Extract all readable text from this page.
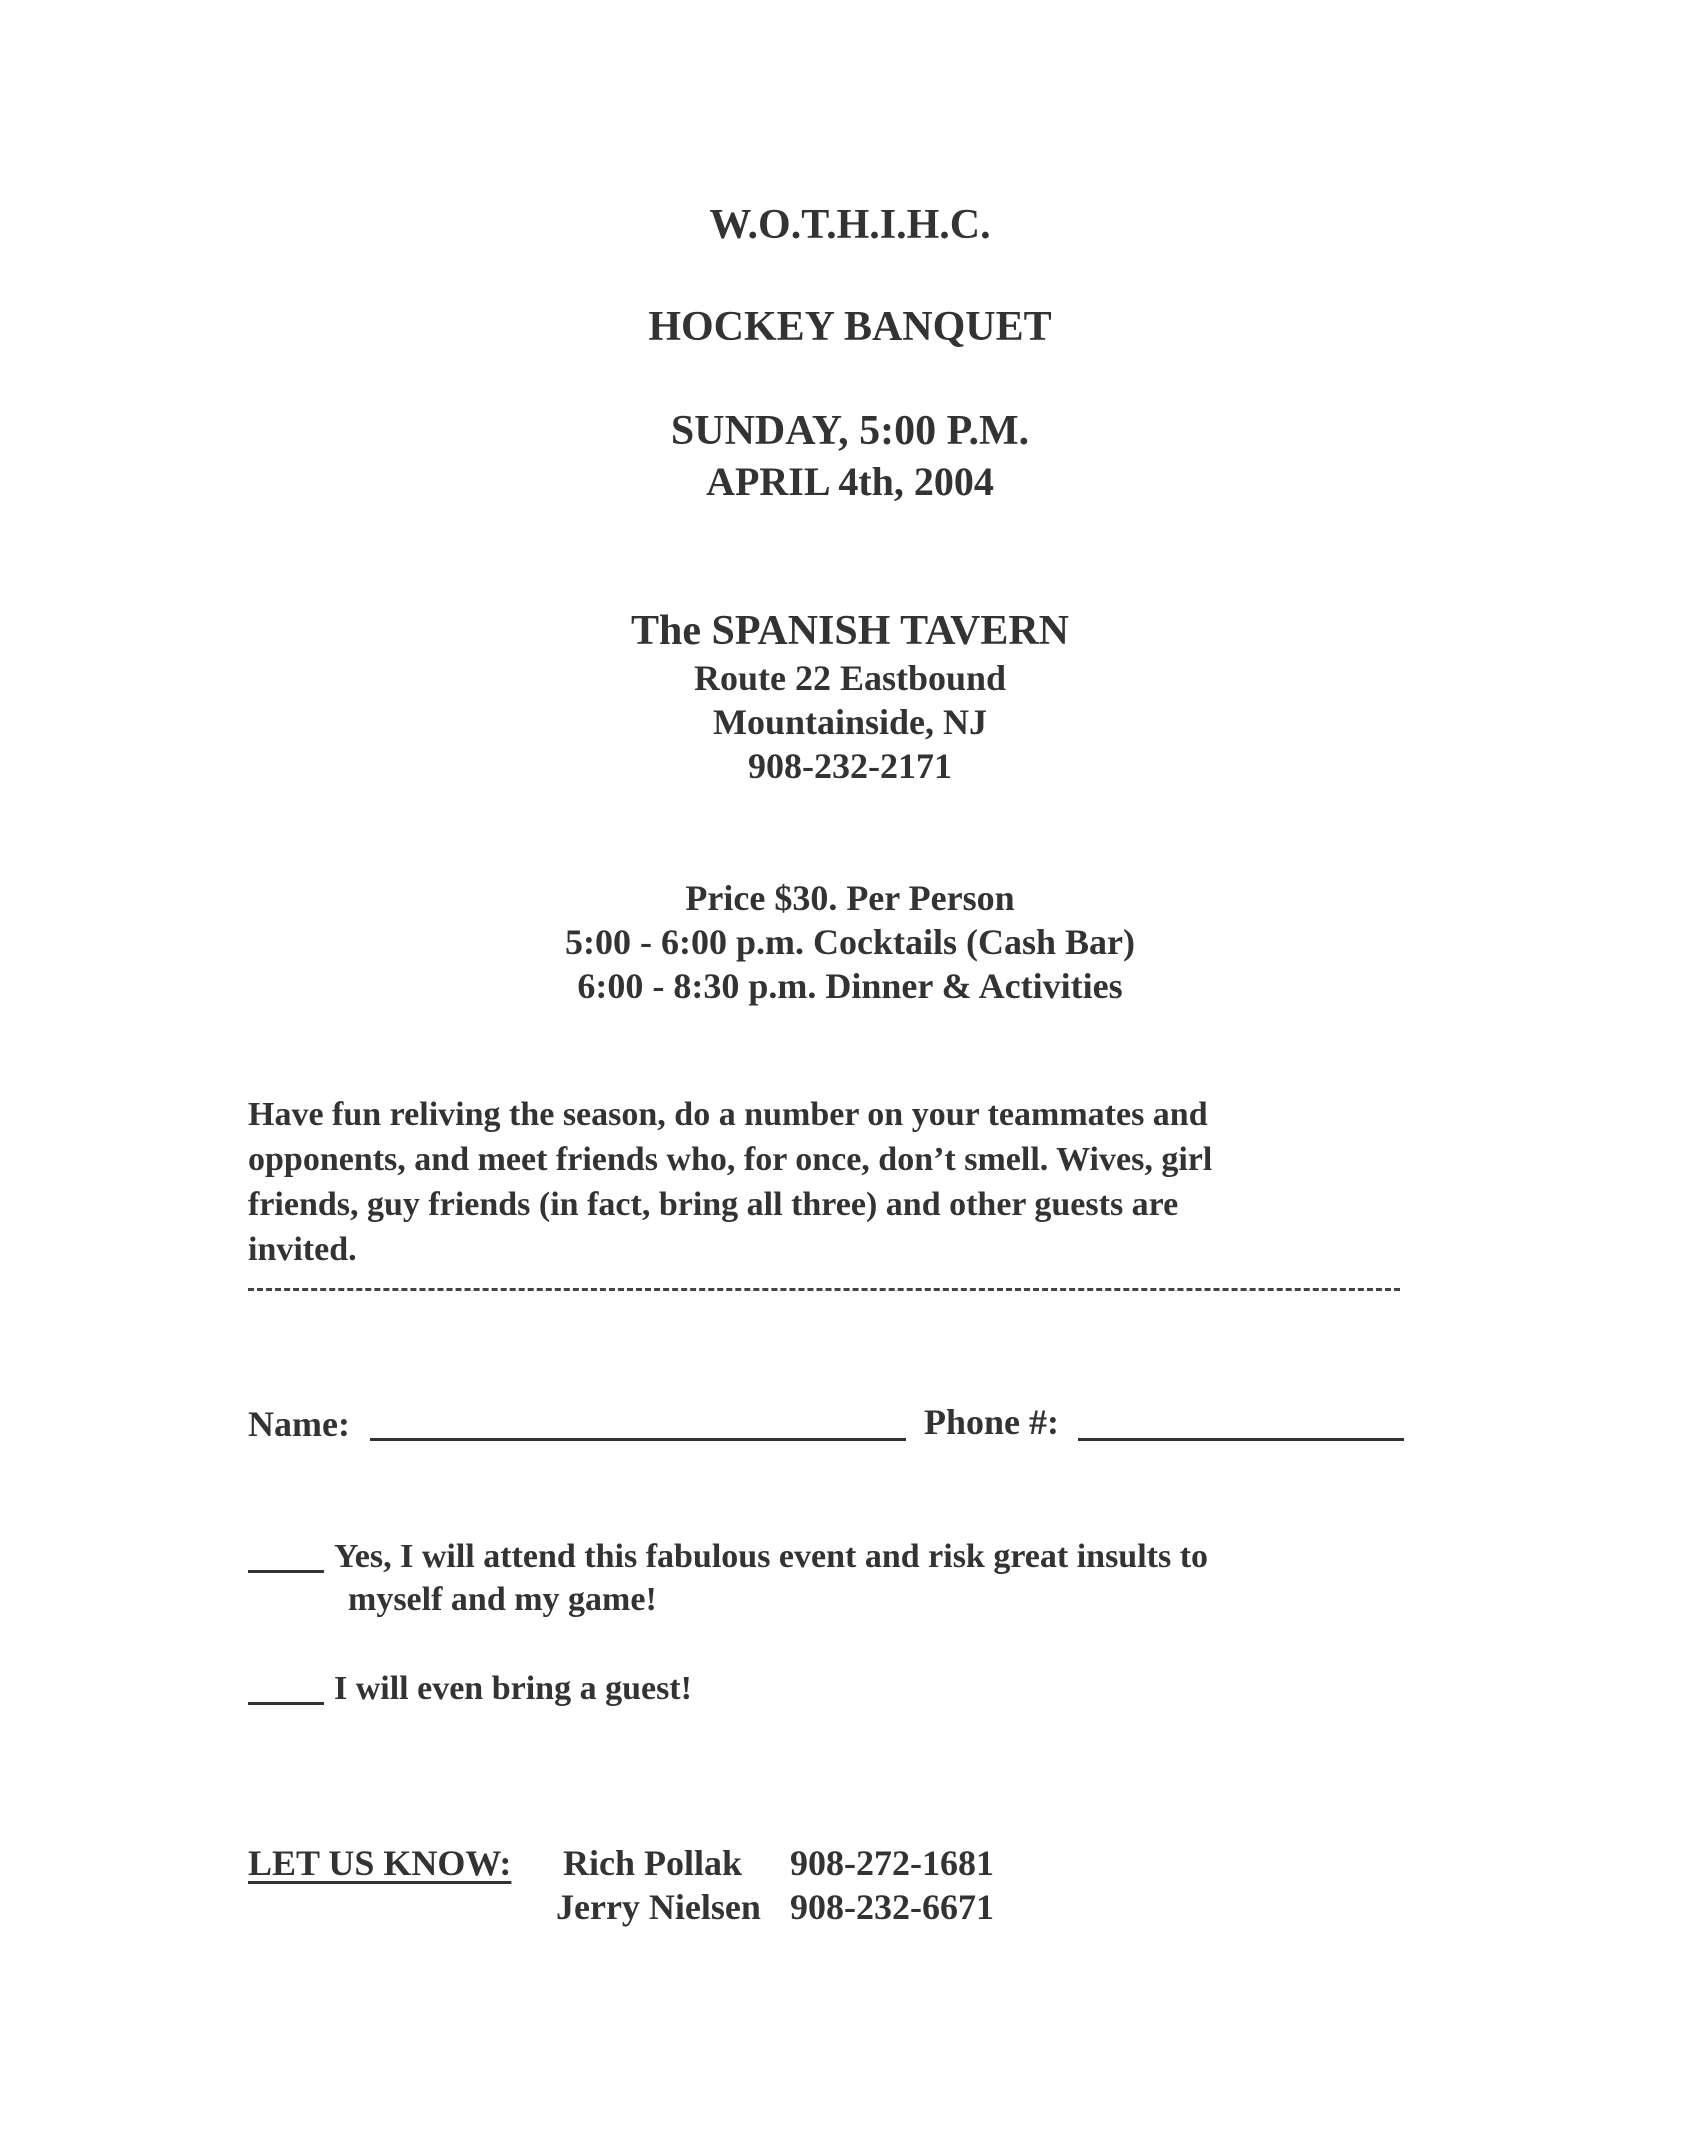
W.O.T.H.I.H.C.
HOCKEY BANQUET
SUNDAY, 5:00 P.M.
APRIL 4th, 2004
The SPANISH TAVERN
Route 22 Eastbound
Mountainside, NJ
908-232-2171
Price $30. Per Person
5:00 - 6:00 p.m. Cocktails (Cash Bar)
6:00 - 8:30 p.m. Dinner & Activities
Have fun reliving the season, do a number on your teammates and
opponents, and meet friends who, for once, don’t smell. Wives, girl
friends, guy friends (in fact, bring all three) and other guests are
invited.
Name:	Phone #:
Yes, I will attend this fabulous event and risk great insults to
myself and my game!
I will even bring a guest!
LET US KNOW: Rich Pollak 908-272-1681
Jerry Nielsen 908-232-6671
